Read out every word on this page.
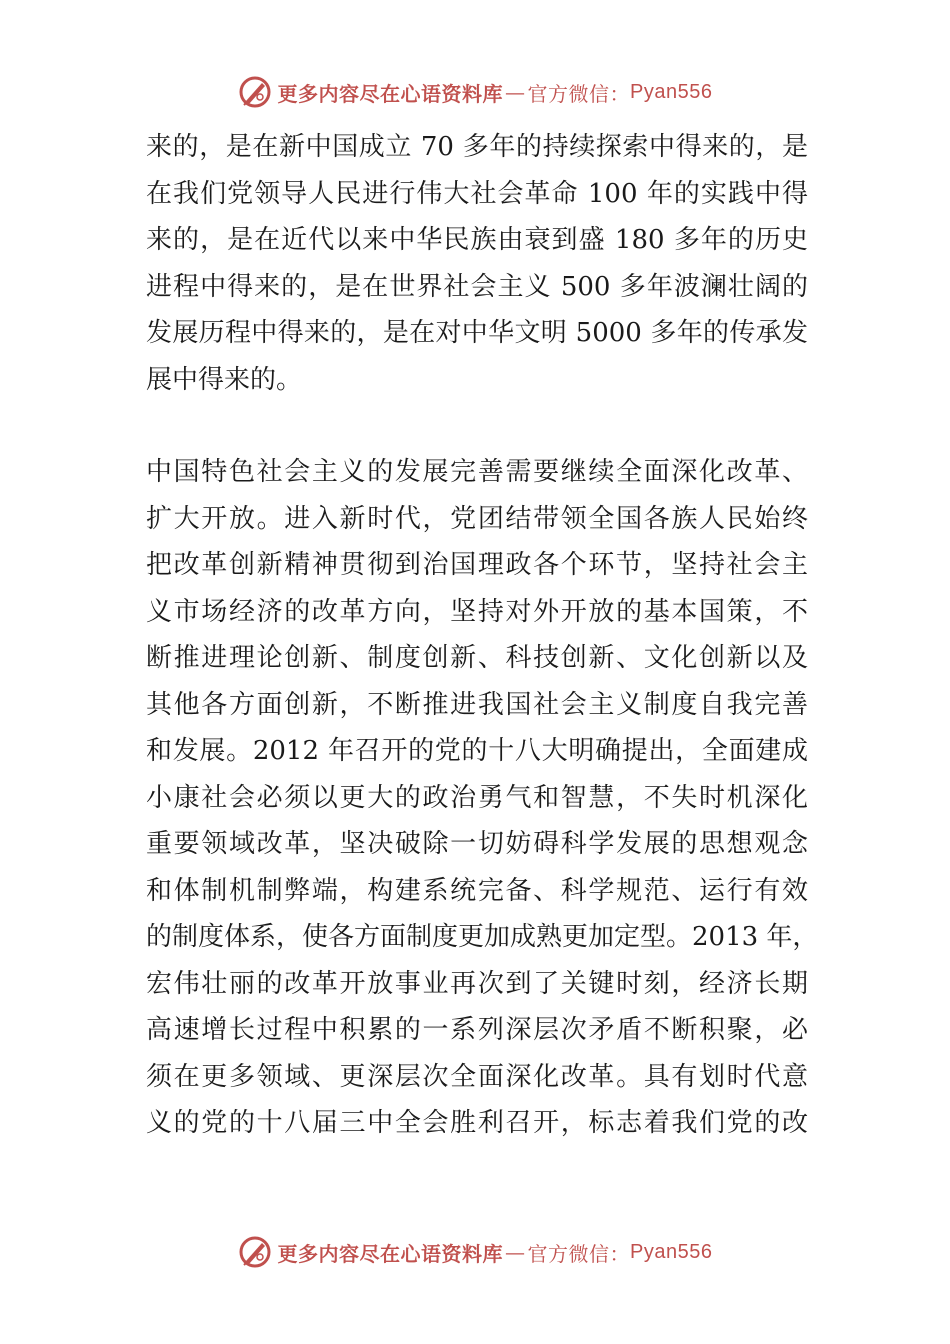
更多内容尽在心语资料库 — 官方微信： Pyan556
来的，是在新中国成立 70 多年的持续探索中得来的，是
在我们党领导人民进行伟大社会革命 100 年的实践中得
来的，是在近代以来中华民族由衰到盛 180 多年的历史
进程中得来的，是在世界社会主义 500 多年波澜壮阔的
发展历程中得来的，是在对中华文明 5000 多年的传承发
展中得来的。
中国特色社会主义的发展完善需要继续全面深化改革、
扩大开放。进入新时代，党团结带领全国各族人民始终
把改革创新精神贯彻到治国理政各个环节，坚持社会主
义市场经济的改革方向，坚持对外开放的基本国策，不
断推进理论创新、制度创新、科技创新、文化创新以及
其他各方面创新，不断推进我国社会主义制度自我完善
和发展。2012 年召开的党的十八大明确提出，全面建成
小康社会必须以更大的政治勇气和智慧，不失时机深化
重要领域改革，坚决破除一切妨碍科学发展的思想观念
和体制机制弊端，构建系统完备、科学规范、运行有效
的制度体系，使各方面制度更加成熟更加定型。2013 年，
宏伟壮丽的改革开放事业再次到了关键时刻，经济长期
高速增长过程中积累的一系列深层次矛盾不断积聚，必
须在更多领域、更深层次全面深化改革。具有划时代意
义的党的十八届三中全会胜利召开，标志着我们党的改
更多内容尽在心语资料库 — 官方微信： Pyan556
